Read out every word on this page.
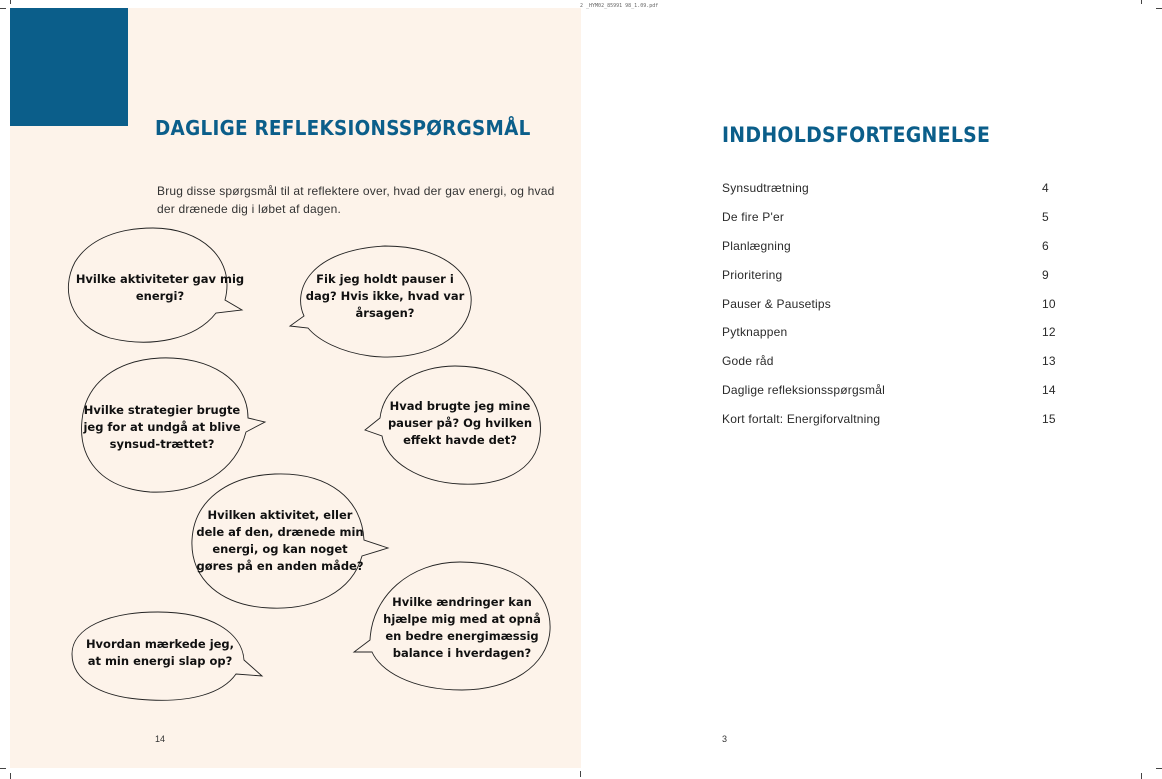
2 _HYM02_85991 98_1.09.pdf
DAGLIGE REFLEKSIONSSPØRGSMÅL
Brug disse spørgsmål til at reflektere over, hvad der gav energi, og hvad der drænede dig i løbet af dagen.
Hvilke aktiviteter gav mig energi?
Fik jeg holdt pauser i dag? Hvis ikke, hvad var årsagen?
Hvilke strategier brugte jeg for at undgå at blive synsud-trættet?
Hvad brugte jeg mine pauser på? Og hvilken effekt havde det?
Hvilken aktivitet, eller dele af den, drænede min energi, og kan noget gøres på en anden måde?
Hvilke ændringer kan hjælpe mig med at opnå en bedre energimæssig balance i hverdagen?
Hvordan mærkede jeg, at min energi slap op?
14
INDHOLDSFORTEGNELSE
Synsudtrætning	4
De fire P'er	5
Planlægning	6
Prioritering	9
Pauser & Pausetips	10
Pytknappen	12
Gode råd	13
Daglige refleksionsspørgsmål	14
Kort fortalt: Energiforvaltning	15
3
